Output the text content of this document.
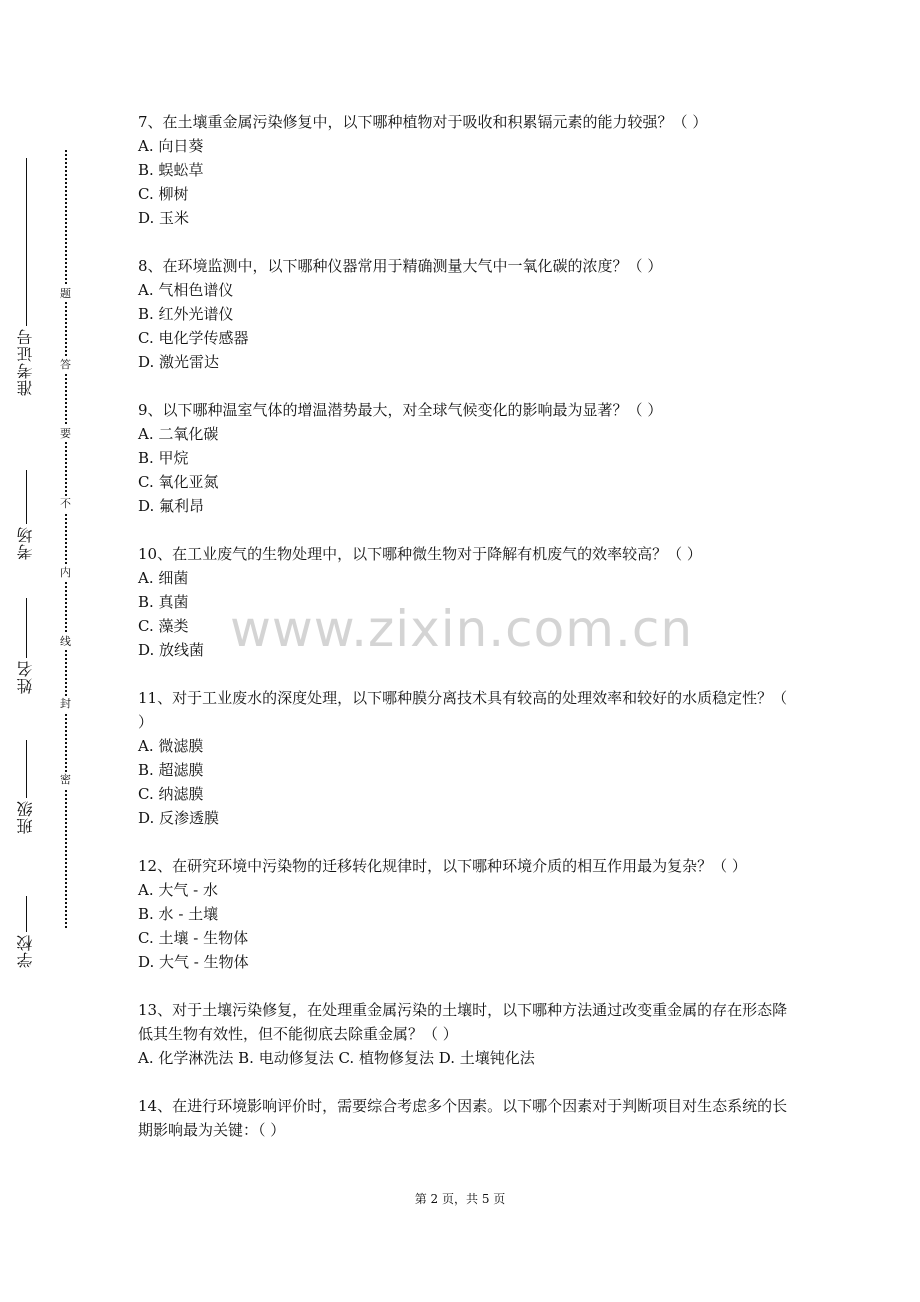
学校
班级
姓名
考场
准考证号
密
封
线
内
不
要
答
题
www.zixin.com.cn
7、在土壤重金属污染修复中，以下哪种植物对于吸收和积累镉元素的能力较强？（ ）
A. 向日葵
B. 蜈蚣草
C. 柳树
D. 玉米
8、在环境监测中，以下哪种仪器常用于精确测量大气中一氧化碳的浓度？（ ）
A. 气相色谱仪
B. 红外光谱仪
C. 电化学传感器
D. 激光雷达
9、以下哪种温室气体的增温潜势最大，对全球气候变化的影响最为显著？（ ）
A. 二氧化碳
B. 甲烷
C. 氧化亚氮
D. 氟利昂
10、在工业废气的生物处理中，以下哪种微生物对于降解有机废气的效率较高？（ ）
A. 细菌
B. 真菌
C. 藻类
D. 放线菌
11、对于工业废水的深度处理，以下哪种膜分离技术具有较高的处理效率和较好的水质稳定性？（ ）
A. 微滤膜
B. 超滤膜
C. 纳滤膜
D. 反渗透膜
12、在研究环境中污染物的迁移转化规律时，以下哪种环境介质的相互作用最为复杂？（ ）
A. 大气 - 水
B. 水 - 土壤
C. 土壤 - 生物体
D. 大气 - 生物体
13、对于土壤污染修复，在处理重金属污染的土壤时，以下哪种方法通过改变重金属的存在形态降低其生物有效性，但不能彻底去除重金属？（ ）
A. 化学淋洗法 B. 电动修复法 C. 植物修复法 D. 土壤钝化法
14、在进行环境影响评价时，需要综合考虑多个因素。以下哪个因素对于判断项目对生态系统的长期影响最为关键：（ ）
第 2 页，共 5 页
